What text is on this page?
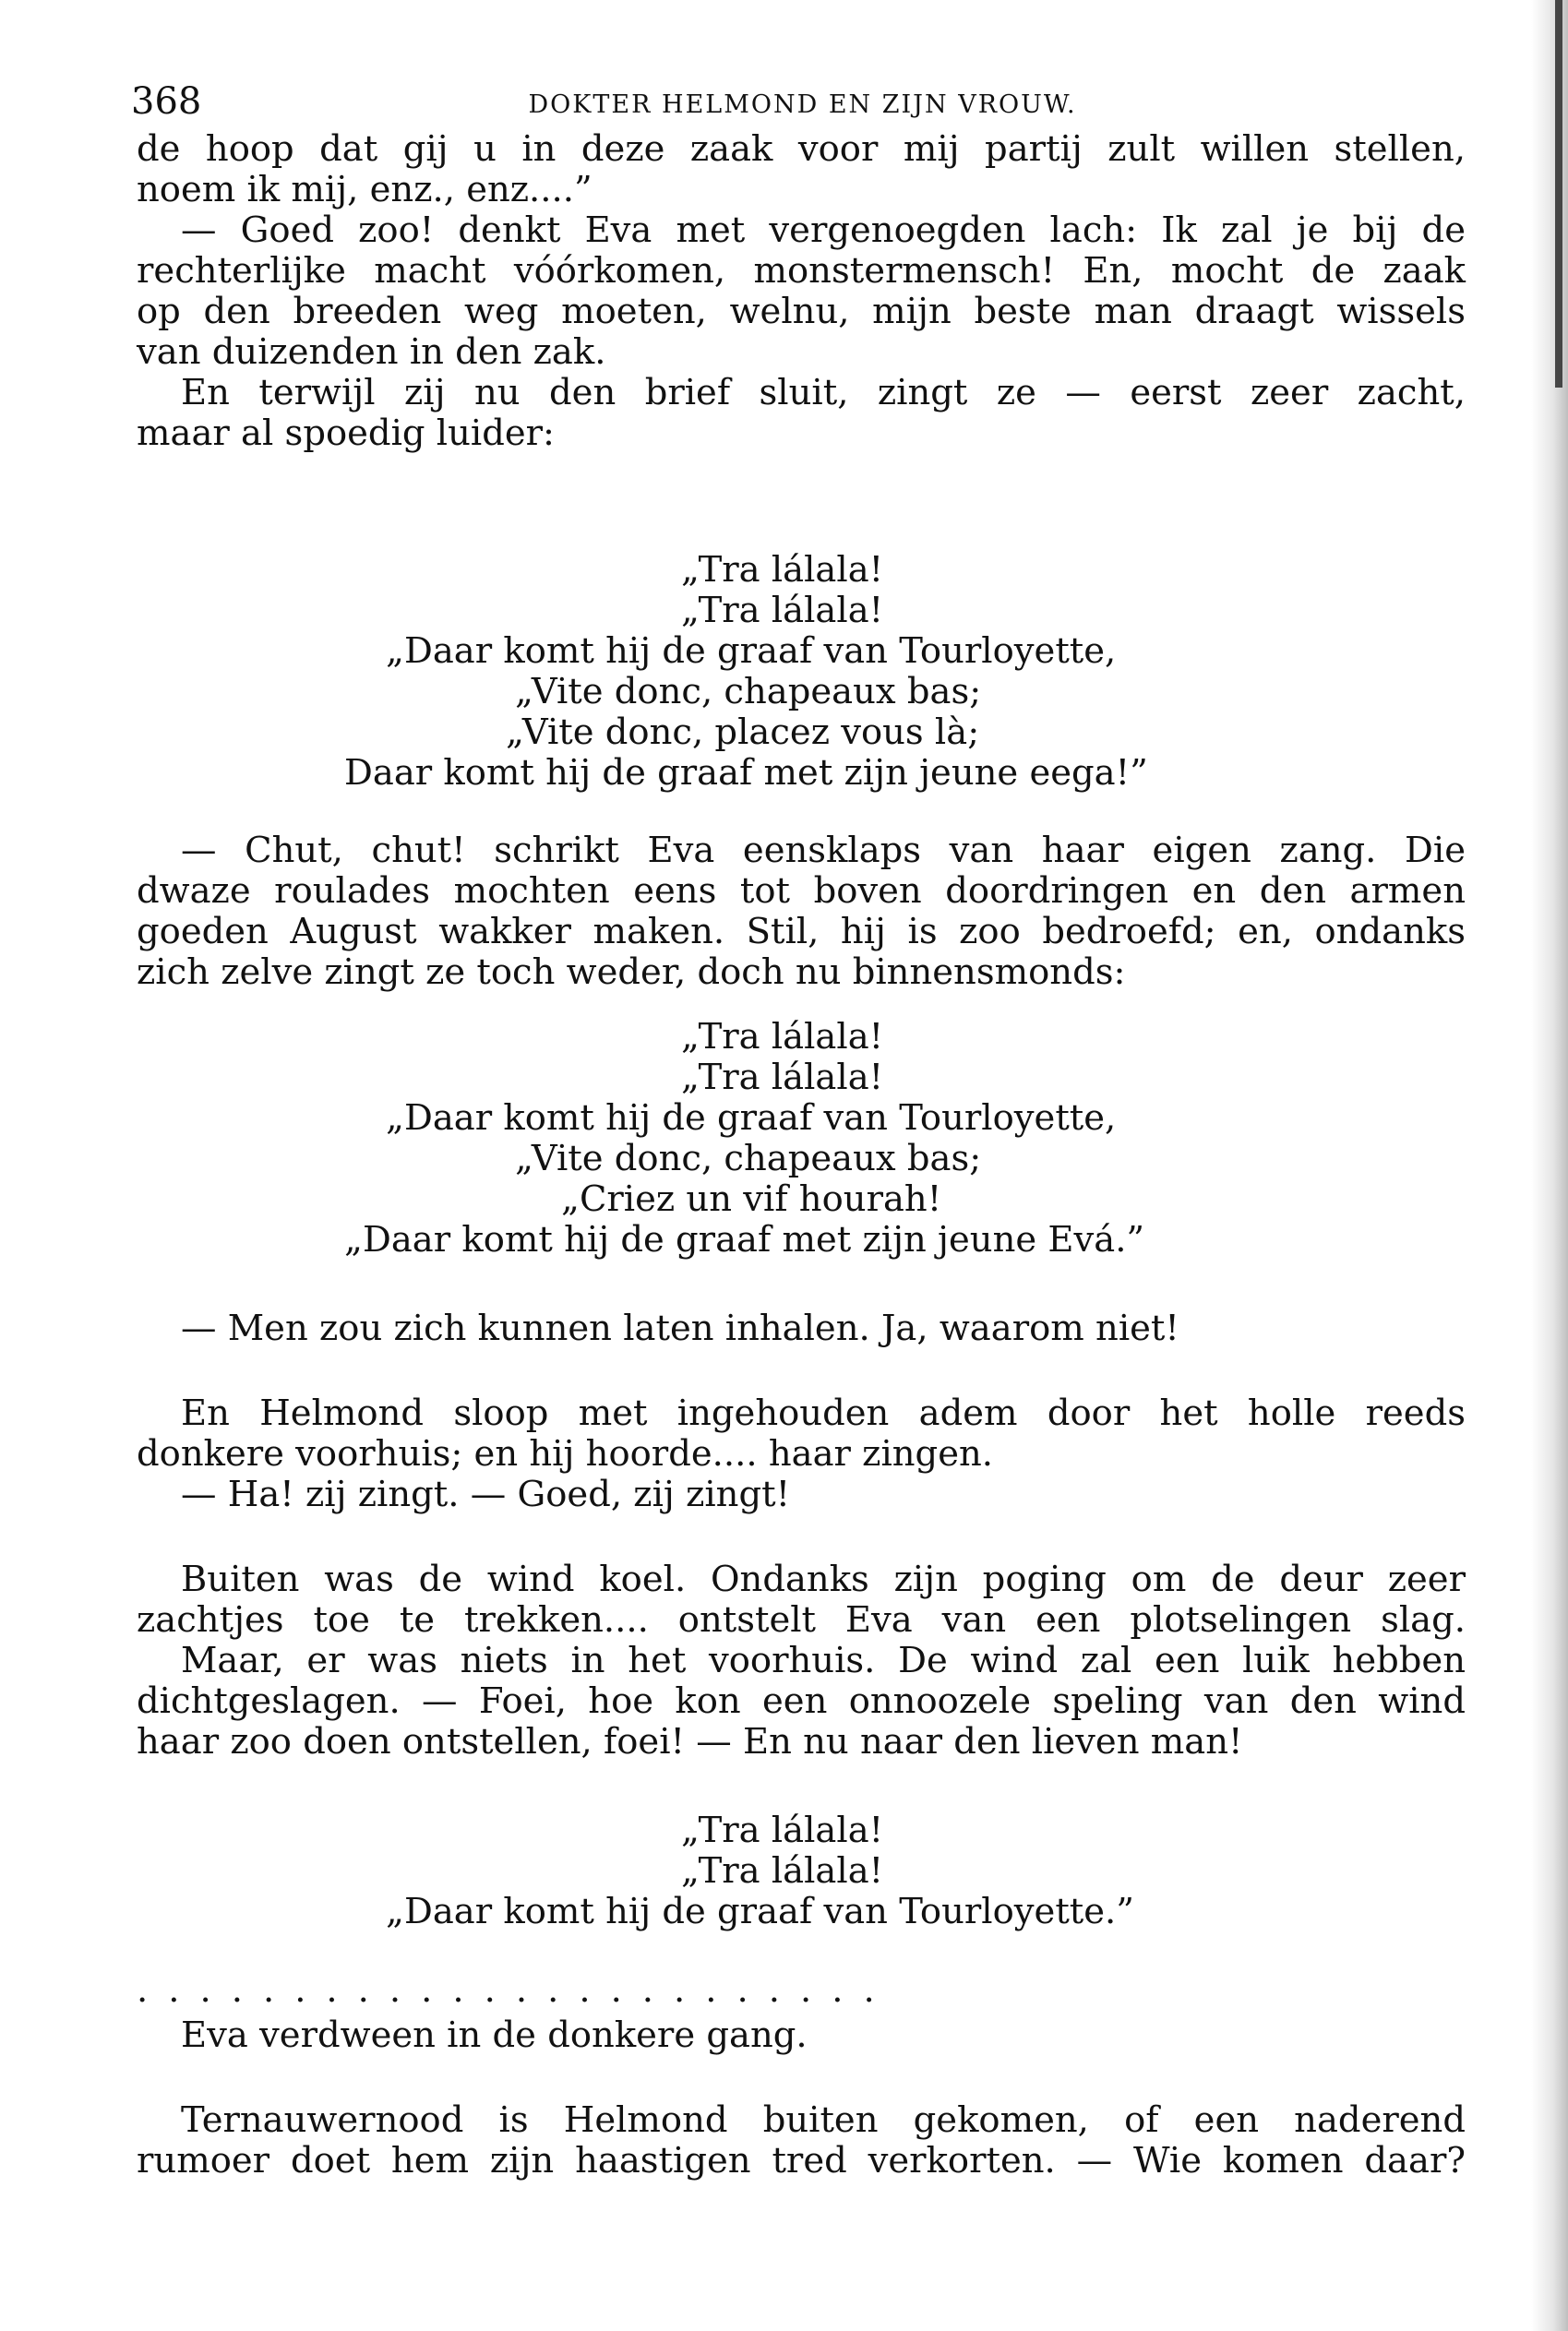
368	DOKTER HELMOND EN ZIJN VROUW.
de hoop dat gij u in deze zaak voor mij partij zult willen stellen,
noem ik mij, enz., enz....”
— Goed zoo! denkt Eva met vergenoegden lach: Ik zal je bij de
rechterlijke macht vóórkomen, monstermensch! En, mocht de zaak
op den breeden weg moeten, welnu, mijn beste man draagt wissels
van duizenden in den zak.
En terwijl zij nu den brief sluit, zingt ze — eerst zeer zacht,
maar al spoedig luider:
„Tra lálala!
„Tra lálala!
„Daar komt hij de graaf van Tourloyette,
„Vite donc, chapeaux bas;
„Vite donc, placez vous là;
Daar komt hij de graaf met zijn jeune eega!”
— Chut, chut! schrikt Eva eensklaps van haar eigen zang. Die
dwaze roulades mochten eens tot boven doordringen en den armen
goeden August wakker maken. Stil, hij is zoo bedroefd; en, ondanks
zich zelve zingt ze toch weder, doch nu binnensmonds:
„Tra lálala!
„Tra lálala!
„Daar komt hij de graaf van Tourloyette,
„Vite donc, chapeaux bas;
„Criez un vif hourah!
„Daar komt hij de graaf met zijn jeune Evá.”
— Men zou zich kunnen laten inhalen. Ja, waarom niet!
En Helmond sloop met ingehouden adem door het holle reeds
donkere voorhuis; en hij hoorde.... haar zingen.
— Ha! zij zingt. — Goed, zij zingt!
Buiten was de wind koel. Ondanks zijn poging om de deur zeer
zachtjes toe te trekken.... ontstelt Eva van een plotselingen slag.
Maar, er was niets in het voorhuis. De wind zal een luik hebben
dichtgeslagen. — Foei, hoe kon een onnoozele speling van den wind
haar zoo doen ontstellen, foei! — En nu naar den lieven man!
„Tra lálala!
„Tra lálala!
„Daar komt hij de graaf van Tourloyette.”
........................
Eva verdween in de donkere gang.
Ternauwernood is Helmond buiten gekomen, of een naderend
rumoer doet hem zijn haastigen tred verkorten. — Wie komen daar?
